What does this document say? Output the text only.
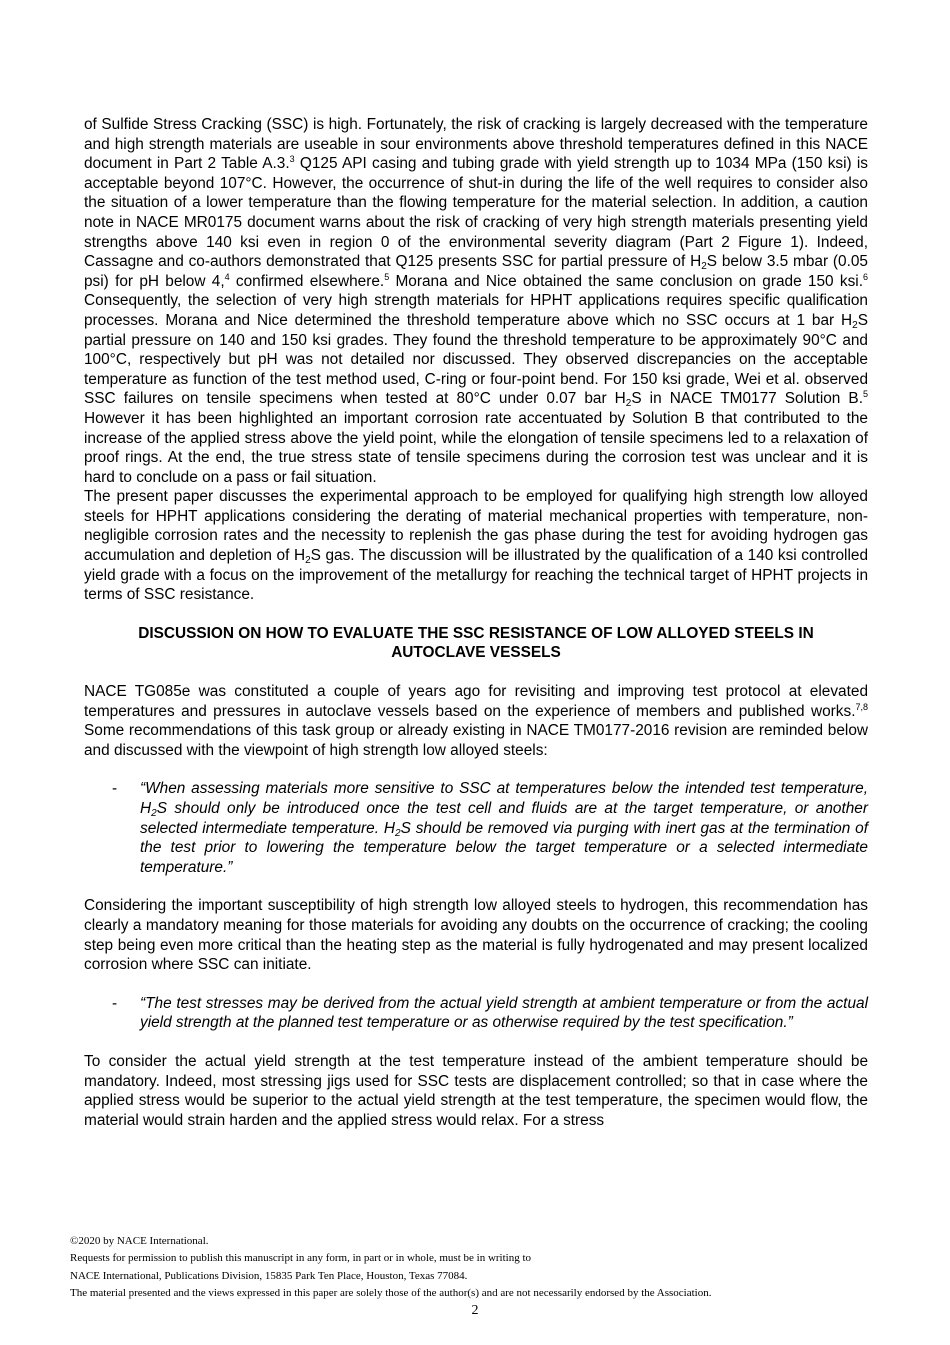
of Sulfide Stress Cracking (SSC) is high. Fortunately, the risk of cracking is largely decreased with the temperature and high strength materials are useable in sour environments above threshold temperatures defined in this NACE document in Part 2 Table A.3.$^3$ Q125 API casing and tubing grade with yield strength up to 1034 MPa (150 ksi) is acceptable beyond 107°C. However, the occurrence of shut-in during the life of the well requires to consider also the situation of a lower temperature than the flowing temperature for the material selection. In addition, a caution note in NACE MR0175 document warns about the risk of cracking of very high strength materials presenting yield strengths above 140 ksi even in region 0 of the environmental severity diagram (Part 2 Figure 1). Indeed, Cassagne and co-authors demonstrated that Q125 presents SSC for partial pressure of $H_2S$ below 3.5 mbar (0.05 psi) for pH below 4,$^4$ confirmed elsewhere.$^5$ Morana and Nice obtained the same conclusion on grade 150 ksi.$^6$ Consequently, the selection of very high strength materials for HPHT applications requires specific qualification processes. Morana and Nice determined the threshold temperature above which no SSC occurs at 1 bar $H_2S$ partial pressure on 140 and 150 ksi grades. They found the threshold temperature to be approximately 90°C and 100°C, respectively but pH was not detailed nor discussed. They observed discrepancies on the acceptable temperature as function of the test method used, C-ring or four-point bend. For 150 ksi grade, Wei et al. observed SSC failures on tensile specimens when tested at 80°C under 0.07 bar $H_2S$ in NACE TM0177 Solution B.$^5$ However it has been highlighted an important corrosion rate accentuated by Solution B that contributed to the increase of the applied stress above the yield point, while the elongation of tensile specimens led to a relaxation of proof rings. At the end, the true stress state of tensile specimens during the corrosion test was unclear and it is hard to conclude on a pass or fail situation.

The present paper discusses the experimental approach to be employed for qualifying high strength low alloyed steels for HPHT applications considering the derating of material mechanical properties with temperature, non-negligible corrosion rates and the necessity to replenish the gas phase during the test for avoiding hydrogen gas accumulation and depletion of $H_2S$ gas. The discussion will be illustrated by the qualification of a 140 ksi controlled yield grade with a focus on the improvement of the metallurgy for reaching the technical target of HPHT projects in terms of SSC resistance.

DISCUSSION ON HOW TO EVALUATE THE SSC RESISTANCE OF LOW ALLOYED STEELS IN
AUTOCLAVE VESSELS

NACE TG085e was constituted a couple of years ago for revisiting and improving test protocol at elevated temperatures and pressures in autoclave vessels based on the experience of members and published works.$^{7,8}$ Some recommendations of this task group or already existing in NACE TM0177-2016 revision are reminded below and discussed with the viewpoint of high strength low alloyed steels:

-	“When assessing materials more sensitive to SSC at temperatures below the intended test temperature, $H_2S$ should only be introduced once the test cell and fluids are at the target temperature, or another selected intermediate temperature. $H_2S$ should be removed via purging with inert gas at the termination of the test prior to lowering the temperature below the target temperature or a selected intermediate temperature.”

Considering the important susceptibility of high strength low alloyed steels to hydrogen, this recommendation has clearly a mandatory meaning for those materials for avoiding any doubts on the occurrence of cracking; the cooling step being even more critical than the heating step as the material is fully hydrogenated and may present localized corrosion where SSC can initiate.

-	“The test stresses may be derived from the actual yield strength at ambient temperature or from the actual yield strength at the planned test temperature or as otherwise required by the test specification.”

To consider the actual yield strength at the test temperature instead of the ambient temperature should be mandatory. Indeed, most stressing jigs used for SSC tests are displacement controlled; so that in case where the applied stress would be superior to the actual yield strength at the test temperature, the specimen would flow, the material would strain harden and the applied stress would relax. For a stress

©2020 by NACE International.
Requests for permission to publish this manuscript in any form, in part or in whole, must be in writing to
NACE International, Publications Division, 15835 Park Ten Place, Houston, Texas 77084.
The material presented and the views expressed in this paper are solely those of the author(s) and are not necessarily endorsed by the Association.
2
